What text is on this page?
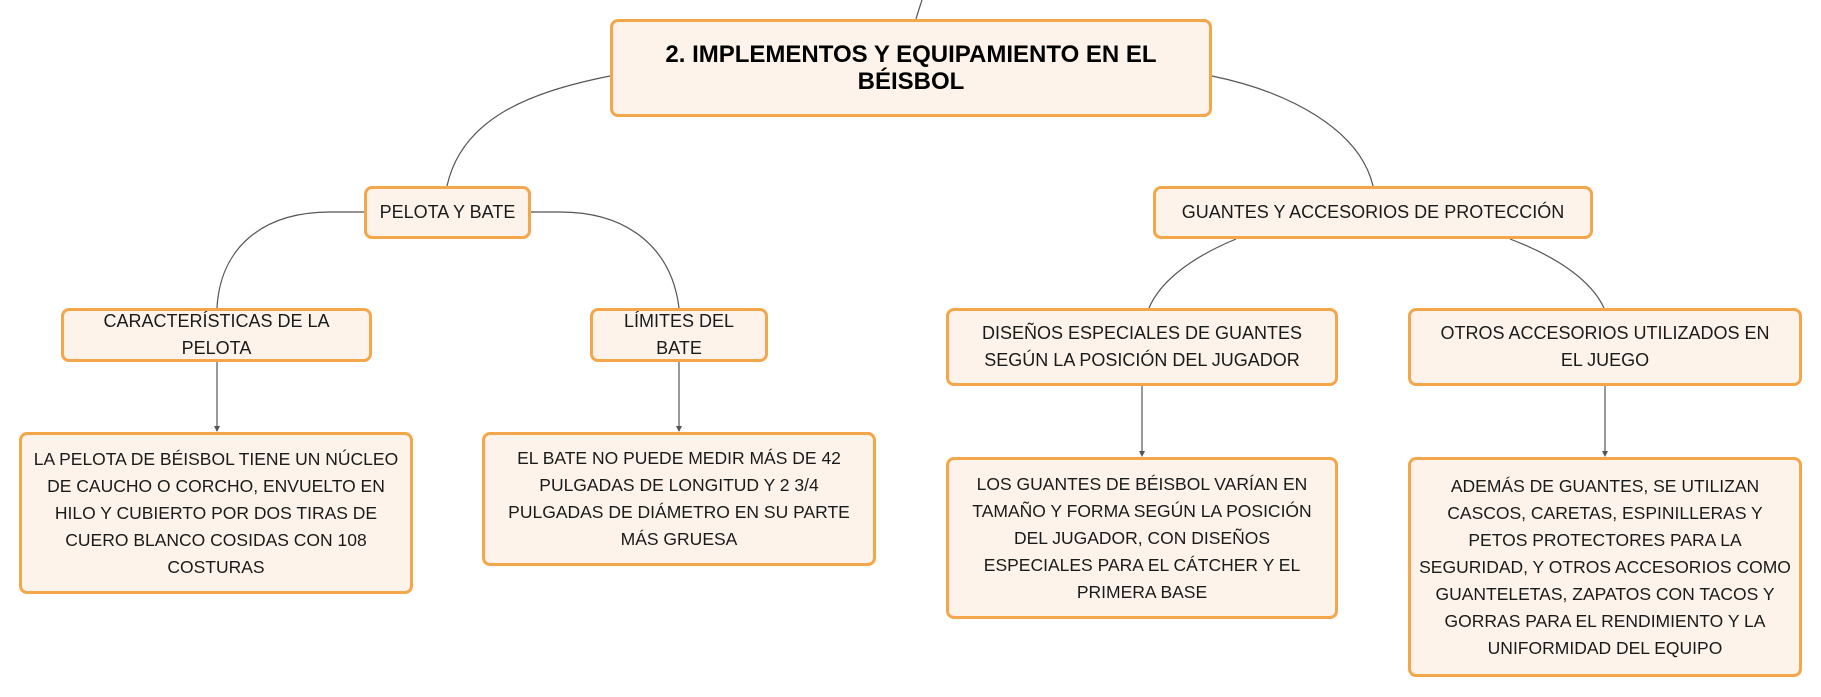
2. IMPLEMENTOS Y EQUIPAMIENTO EN EL BÉISBOL
PELOTA Y BATE	GUANTES Y ACCESORIOS DE PROTECCIÓN
CARACTERÍSTICAS DE LA PELOTA
LÍMITES DEL BATE
DISEÑOS ESPECIALES DE GUANTES SEGÚN LA POSICIÓN DEL JUGADOR
OTROS ACCESORIOS UTILIZADOS EN EL JUEGO
LA PELOTA DE BÉISBOL TIENE UN NÚCLEO DE CAUCHO O CORCHO, ENVUELTO EN HILO Y CUBIERTO POR DOS TIRAS DE CUERO BLANCO COSIDAS CON 108 COSTURAS
EL BATE NO PUEDE MEDIR MÁS DE 42 PULGADAS DE LONGITUD Y 2 3/4 PULGADAS DE DIÁMETRO EN SU PARTE MÁS GRUESA
LOS GUANTES DE BÉISBOL VARÍAN EN TAMAÑO Y FORMA SEGÚN LA POSICIÓN DEL JUGADOR, CON DISEÑOS ESPECIALES PARA EL CÁTCHER Y EL PRIMERA BASE
ADEMÁS DE GUANTES, SE UTILIZAN CASCOS, CARETAS, ESPINILLERAS Y PETOS PROTECTORES PARA LA SEGURIDAD, Y OTROS ACCESORIOS COMO GUANTELETAS, ZAPATOS CON TACOS Y GORRAS PARA EL RENDIMIENTO Y LA UNIFORMIDAD DEL EQUIPO
